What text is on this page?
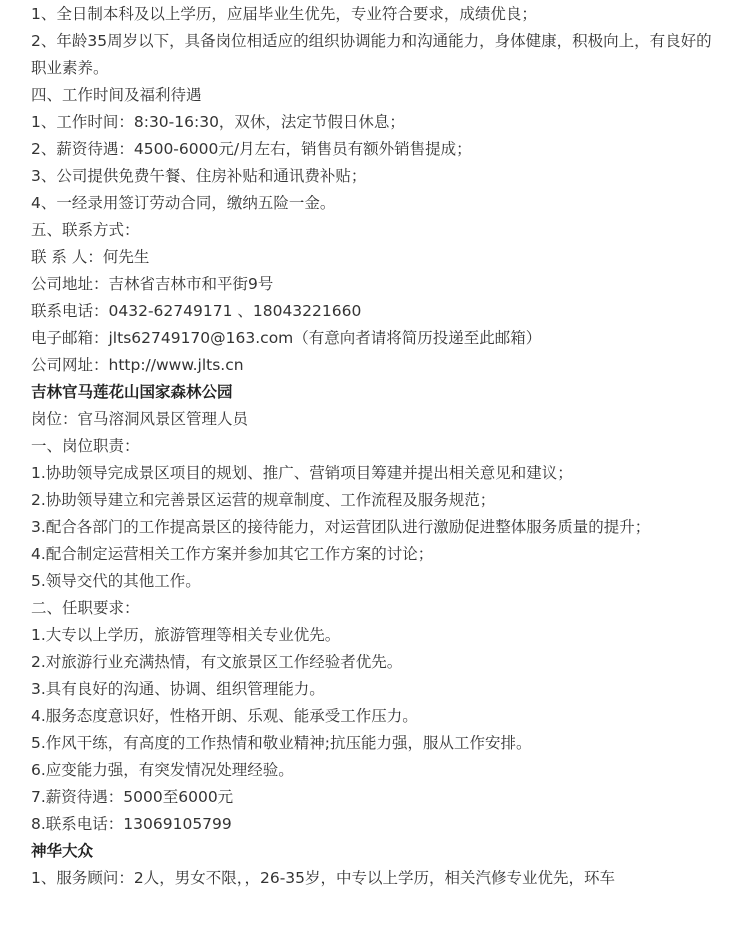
1、全日制本科及以上学历，应届毕业生优先，专业符合要求，成绩优良；
2、年龄35周岁以下，具备岗位相适应的组织协调能力和沟通能力，身体健康，积极向上，有良好的职业素养。
四、工作时间及福利待遇
1、工作时间：8:30-16:30，双休，法定节假日休息；
2、薪资待遇：4500-6000元/月左右，销售员有额外销售提成；
3、公司提供免费午餐、住房补贴和通讯费补贴；
4、一经录用签订劳动合同，缴纳五险一金。
五、联系方式：
联 系 人：何先生
公司地址：吉林省吉林市和平街9号
联系电话：0432-62749171 、18043221660
电子邮箱：jlts62749170@163.com（有意向者请将简历投递至此邮箱）
公司网址：http://www.jlts.cn
吉林官马莲花山国家森林公园
岗位：官马溶洞风景区管理人员
一、岗位职责：
1.协助领导完成景区项目的规划、推广、营销项目筹建并提出相关意见和建议；
2.协助领导建立和完善景区运营的规章制度、工作流程及服务规范；
3.配合各部门的工作提高景区的接待能力，对运营团队进行激励促进整体服务质量的提升；
4.配合制定运营相关工作方案并参加其它工作方案的讨论；
5.领导交代的其他工作。
二、任职要求：
1.大专以上学历，旅游管理等相关专业优先。
2.对旅游行业充满热情，有文旅景区工作经验者优先。
3.具有良好的沟通、协调、组织管理能力。
4.服务态度意识好，性格开朗、乐观、能承受工作压力。
5.作风干练，有高度的工作热情和敬业精神;抗压能力强，服从工作安排。
6.应变能力强，有突发情况处理经验。
7.薪资待遇：5000至6000元
8.联系电话：13069105799
神华大众
1、服务顾问：2人，男女不限，，26-35岁，中专以上学历，相关汽修专业优先，环车
